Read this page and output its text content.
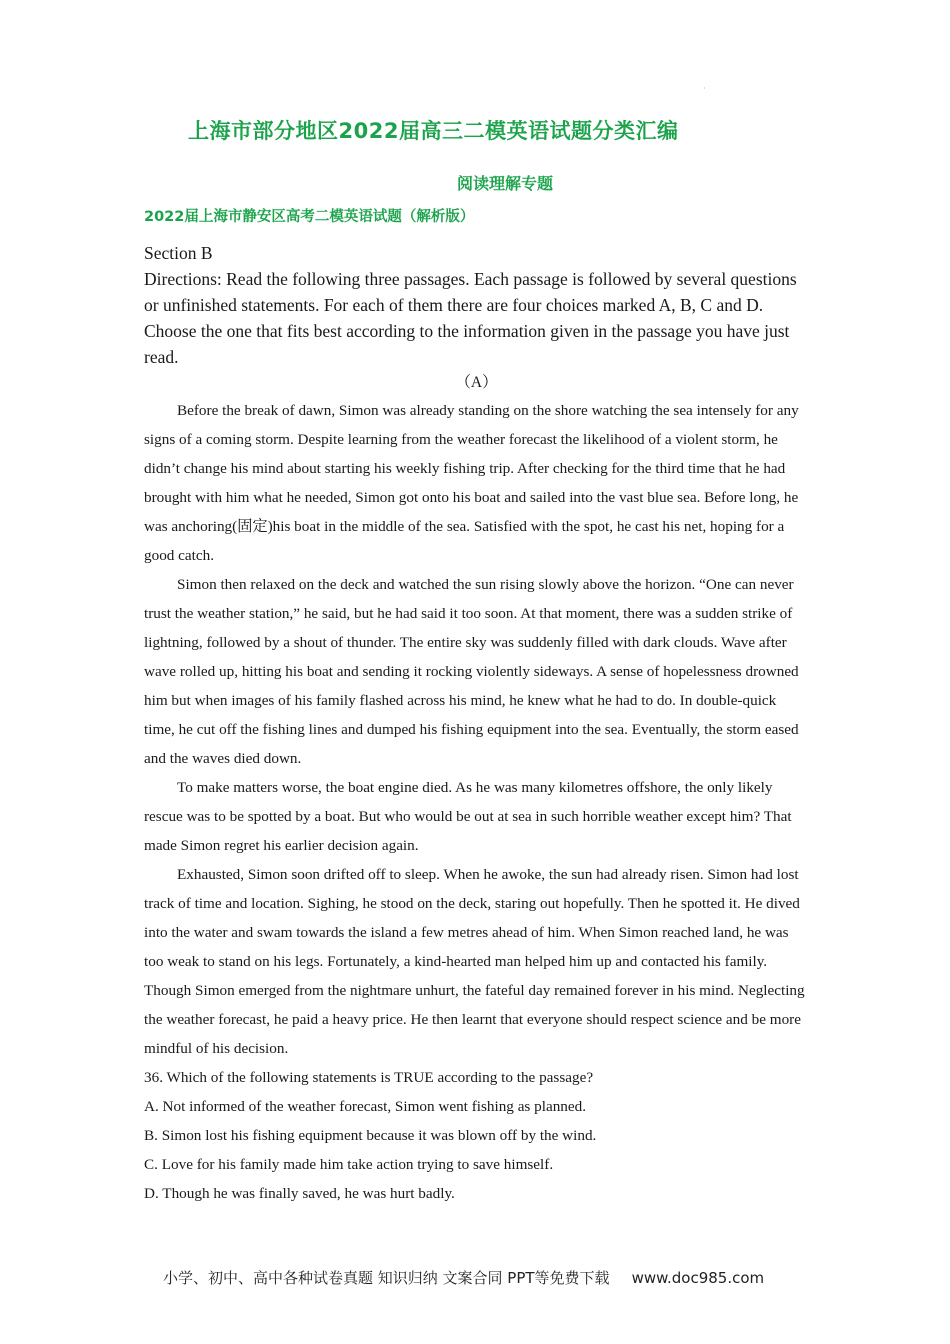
·
上海市部分地区2022届高三二模英语试题分类汇编
阅读理解专题
2022届上海市静安区高考二模英语试题（解析版）

Section B

Directions: Read the following three passages. Each passage is followed by several questions or unfinished statements. For each of them there are four choices marked A, B, C and D. Choose the one that fits best according to the information given in the passage you have just read.

（A）

Before the break of dawn, Simon was already standing on the shore watching the sea intensely for any signs of a coming storm. Despite learning from the weather forecast the likelihood of a violent storm, he didn’t change his mind about starting his weekly fishing trip. After checking for the third time that he had brought with him what he needed, Simon got onto his boat and sailed into the vast blue sea. Before long, he was anchoring(固定)his boat in the middle of the sea. Satisfied with the spot, he cast his net, hoping for a good catch.

Simon then relaxed on the deck and watched the sun rising slowly above the horizon. “One can never trust the weather station,” he said, but he had said it too soon. At that moment, there was a sudden strike of lightning, followed by a shout of thunder. The entire sky was suddenly filled with dark clouds. Wave after wave rolled up, hitting his boat and sending it rocking violently sideways. A sense of hopelessness drowned him but when images of his family flashed across his mind, he knew what he had to do. In double-quick time, he cut off the fishing lines and dumped his fishing equipment into the sea. Eventually, the storm eased and the waves died down.

To make matters worse, the boat engine died. As he was many kilometres offshore, the only likely rescue was to be spotted by a boat. But who would be out at sea in such horrible weather except him? That made Simon regret his earlier decision again.

Exhausted, Simon soon drifted off to sleep. When he awoke, the sun had already risen. Simon had lost track of time and location. Sighing, he stood on the deck, staring out hopefully. Then he spotted it. He dived into the water and swam towards the island a few metres ahead of him. When Simon reached land, he was too weak to stand on his legs. Fortunately, a kind-hearted man helped him up and contacted his family. Though Simon emerged from the nightmare unhurt, the fateful day remained forever in his mind. Neglecting the weather forecast, he paid a heavy price. He then learnt that everyone should respect science and be more mindful of his decision.

36. Which of the following statements is TRUE according to the passage?

A. Not informed of the weather forecast, Simon went fishing as planned.

B. Simon lost his fishing equipment because it was blown off by the wind.

C. Love for his family made him take action trying to save himself.

D. Though he was finally saved, he was hurt badly.

小学、初中、高中各种试卷真题 知识归纳 文案合同 PPT等免费下载 www.doc985.com
